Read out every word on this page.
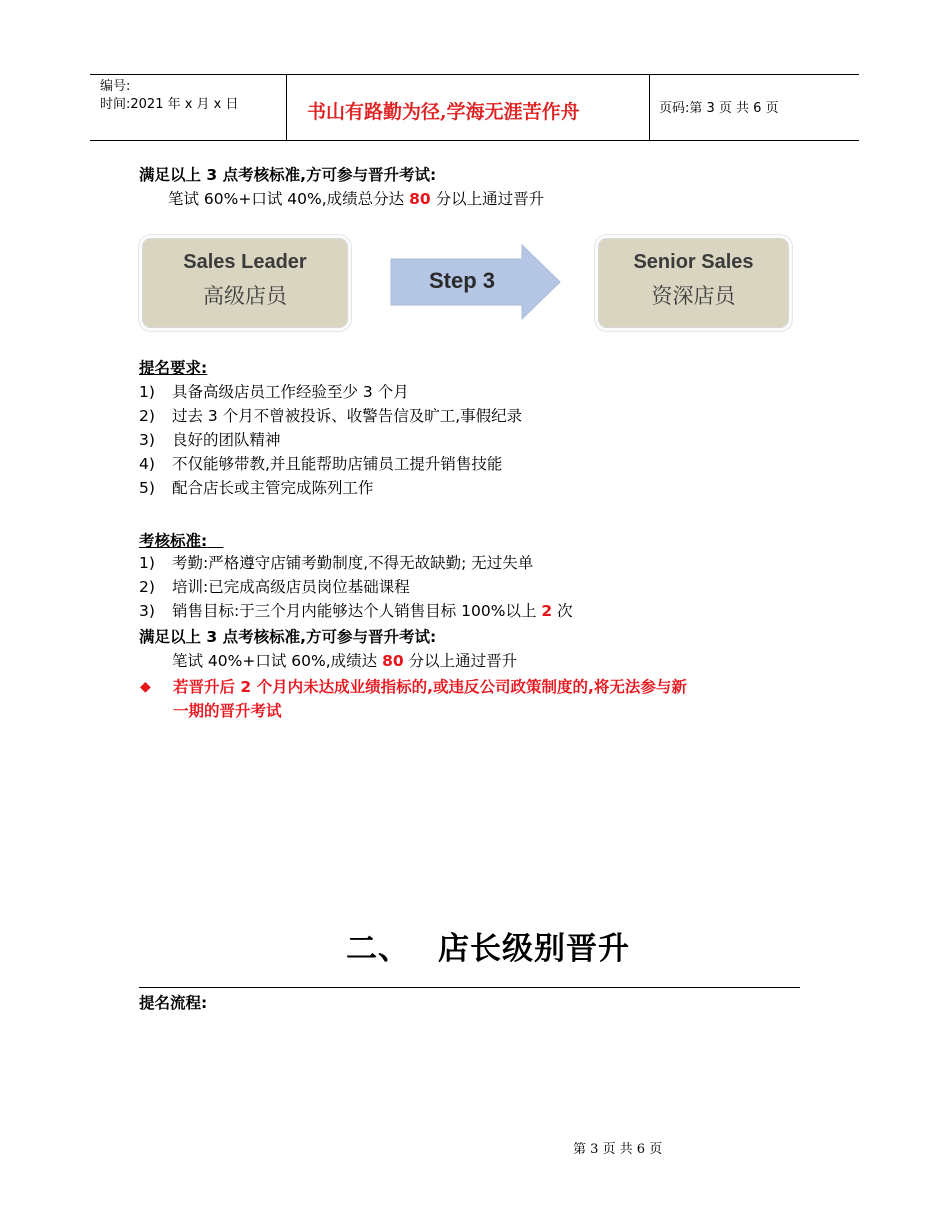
编号:
时间:2021 年 x 月 x 日	书山有路勤为径,学海无涯苦作舟	页码:第 3 页 共 6 页
满足以上 3 点考核标准,方可参与晋升考试:
笔试 60%+口试 40%,成绩总分达 80 分以上通过晋升
Sales Leader
高级店员
Step 3
Senior Sales
资深店员
提名要求:
1) 具备高级店员工作经验至少 3 个月
2) 过去 3 个月不曾被投诉、收警告信及旷工,事假纪录
3) 良好的团队精神
4) 不仅能够带教,并且能帮助店铺员工提升销售技能
5) 配合店长或主管完成陈列工作
考核标准:
1) 考勤:严格遵守店铺考勤制度,不得无故缺勤; 无过失单
2) 培训:已完成高级店员岗位基础课程
3) 销售目标:于三个月内能够达个人销售目标 100%以上 2 次
满足以上 3 点考核标准,方可参与晋升考试:
笔试 40%+口试 60%,成绩达 80 分以上通过晋升
◆ 若晋升后 2 个月内未达成业绩指标的,或违反公司政策制度的,将无法参与新
一期的晋升考试
二、 店长级别晋升
提名流程:
第 3 页 共 6 页
